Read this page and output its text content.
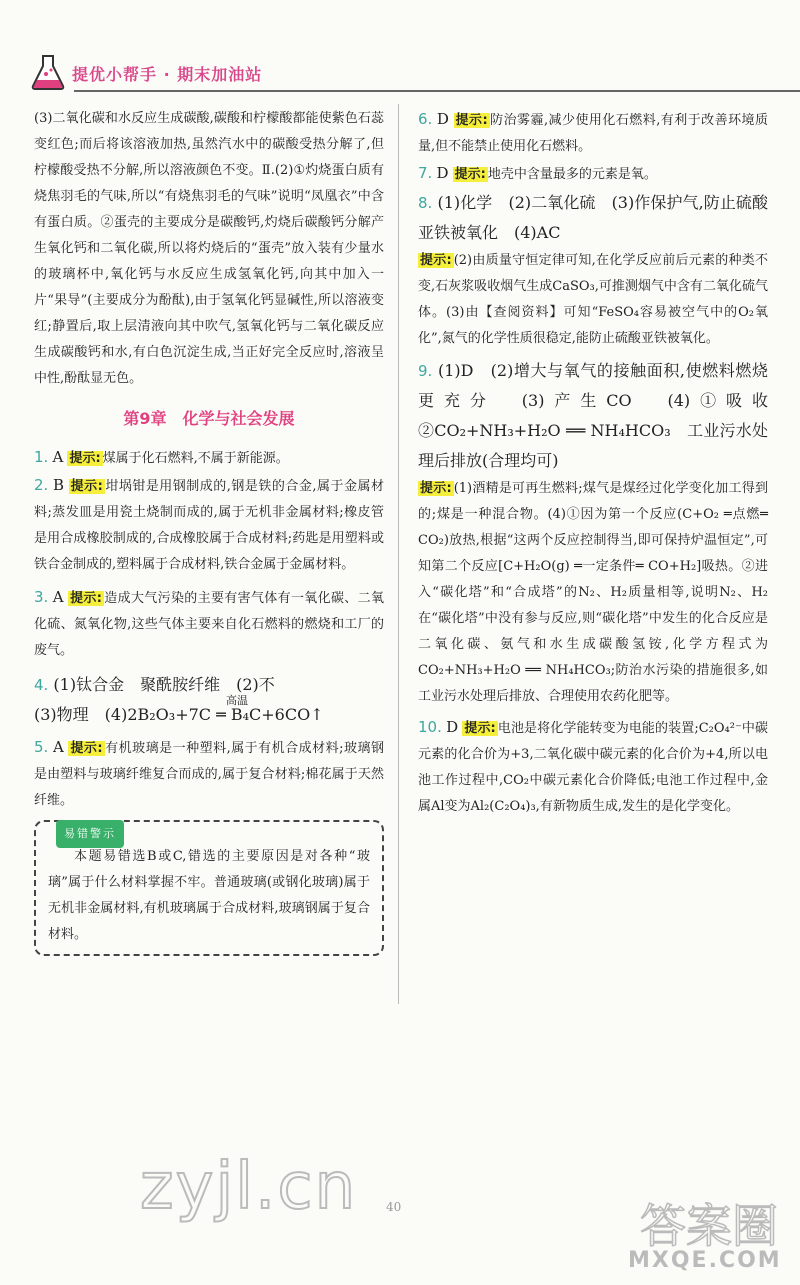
提优小帮手 · 期末加油站

(3)二氧化碳和水反应生成碳酸,碳酸和柠檬酸都能使紫色石蕊变红色;而后将该溶液加热,虽然汽水中的碳酸受热分解了,但柠檬酸受热不分解,所以溶液颜色不变。Ⅱ.(2)①灼烧蛋白质有烧焦羽毛的气味,所以“有烧焦羽毛的气味”说明“凤凰衣”中含有蛋白质。②蛋壳的主要成分是碳酸钙,灼烧后碳酸钙分解产生氧化钙和二氧化碳,所以将灼烧后的“蛋壳”放入装有少量水的玻璃杯中,氧化钙与水反应生成氢氧化钙,向其中加入一片“果导”(主要成分为酚酞),由于氢氧化钙显碱性,所以溶液变红;静置后,取上层清液向其中吹气,氢氧化钙与二氧化碳反应生成碳酸钙和水,有白色沉淀生成,当正好完全反应时,溶液呈中性,酚酞显无色。

第9章　化学与社会发展

1. A 提示: 煤属于化石燃料,不属于新能源。

2. B 提示: 坩埚钳是用钢制成的,钢是铁的合金,属于金属材料;蒸发皿是用瓷土烧制而成的,属于无机非金属材料;橡皮管是用合成橡胶制成的,合成橡胶属于合成材料;药匙是用塑料或铁合金制成的,塑料属于合成材料,铁合金属于金属材料。

3. A 提示: 造成大气污染的主要有害气体有一氧化碳、二氧化硫、氮氧化物,这些气体主要来自化石燃料的燃烧和工厂的废气。

4. (1)钛合金　聚酰胺纤维　(2)不

高温
(3)物理　(4)2B₂O₃+7C ═ B₄C+6CO↑

5. A 提示: 有机玻璃是一种塑料,属于有机合成材料;玻璃钢是由塑料与玻璃纤维复合而成的,属于复合材料;棉花属于天然纤维。

易错警示

本题易错选B或C,错选的主要原因是对各种“玻璃”属于什么材料掌握不牢。普通玻璃(或钢化玻璃)属于无机非金属材料,有机玻璃属于合成材料,玻璃钢属于复合材料。

6. D 提示: 防治雾霾,减少使用化石燃料,有利于改善环境质量,但不能禁止使用化石燃料。

7. D 提示: 地壳中含量最多的元素是氧。

8. (1)化学　(2)二氧化硫　(3)作保护气,防止硫酸亚铁被氧化　(4)AC

提示: (2)由质量守恒定律可知,在化学反应前后元素的种类不变,石灰浆吸收烟气生成CaSO₃,可推测烟气中含有二氧化硫气体。(3)由【查阅资料】可知“FeSO₄容易被空气中的O₂氧化”,氮气的化学性质很稳定,能防止硫酸亚铁被氧化。

9. (1)D　(2)增大与氧气的接触面积,使燃料燃烧更充分　(3)产生CO　(4)①吸收　②CO₂+NH₃+H₂O ══ NH₄HCO₃　工业污水处理后排放(合理均可)

提示: (1)酒精是可再生燃料;煤气是煤经过化学变化加工得到的;煤是一种混合物。(4)①因为第一个反应(C+O₂ ═点燃═ CO₂)放热,根据“这两个反应控制得当,即可保持炉温恒定”,可知第二个反应[C+H₂O(g) ═一定条件═ CO+H₂]吸热。②进入“碳化塔”和“合成塔”的N₂、H₂质量相等,说明N₂、H₂在“碳化塔”中没有参与反应,则“碳化塔”中发生的化合反应是二氧化碳、氨气和水生成碳酸氢铵,化学方程式为CO₂+NH₃+H₂O ══ NH₄HCO₃;防治水污染的措施很多,如工业污水处理后排放、合理使用农药化肥等。

10. D 提示: 电池是将化学能转变为电能的装置;C₂O₄²⁻中碳元素的化合价为+3,二氧化碳中碳元素的化合价为+4,所以电池工作过程中,CO₂中碳元素化合价降低;电池工作过程中,金属Al变为Al₂(C₂O₄)₃,有新物质生成,发生的是化学变化。

zyjl.cn 40	答案圈
MXQE.COM
